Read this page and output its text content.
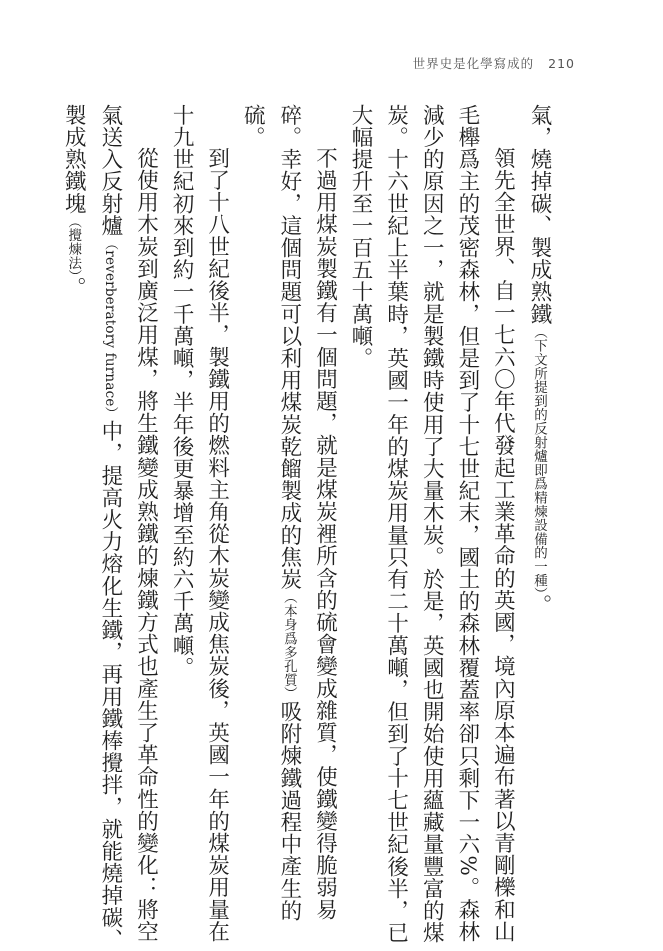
世界史是化學寫成的 210
氣，燒掉碳、製成熟鐵（下文所提到的反射爐即爲精煉設備的一種）。
領先全世界、自一七六〇年代發起工業革命的英國，境內原本遍布著以青剛櫟和山
毛櫸爲主的茂密森林，但是到了十七世紀末，國土的森林覆蓋率卻只剩下一六%。森林
減少的原因之一，就是製鐵時使用了大量木炭。於是，英國也開始使用蘊藏量豐富的煤
炭。十六世紀上半葉時，英國一年的煤炭用量只有二十萬噸，但到了十七世紀後半，已
大幅提升至一百五十萬噸。
不過用煤炭製鐵有一個問題，就是煤炭裡所含的硫會變成雜質，使鐵變得脆弱易
碎。幸好，這個問題可以利用煤炭乾餾製成的焦炭（本身爲多孔質）吸附煉鐵過程中產生的
硫。
到了十八世紀後半，製鐵用的燃料主角從木炭變成焦炭後，英國一年的煤炭用量在
十九世紀初來到約一千萬噸，半年後更暴增至約六千萬噸。
從使用木炭到廣泛用煤，將生鐵變成熟鐵的煉鐵方式也產生了革命性的變化：將空
氣送入反射爐（reverberatory furnace）中，提高火力熔化生鐵，再用鐵棒攪拌，就能燒掉碳、
製成熟鐵塊（攪煉法）。
